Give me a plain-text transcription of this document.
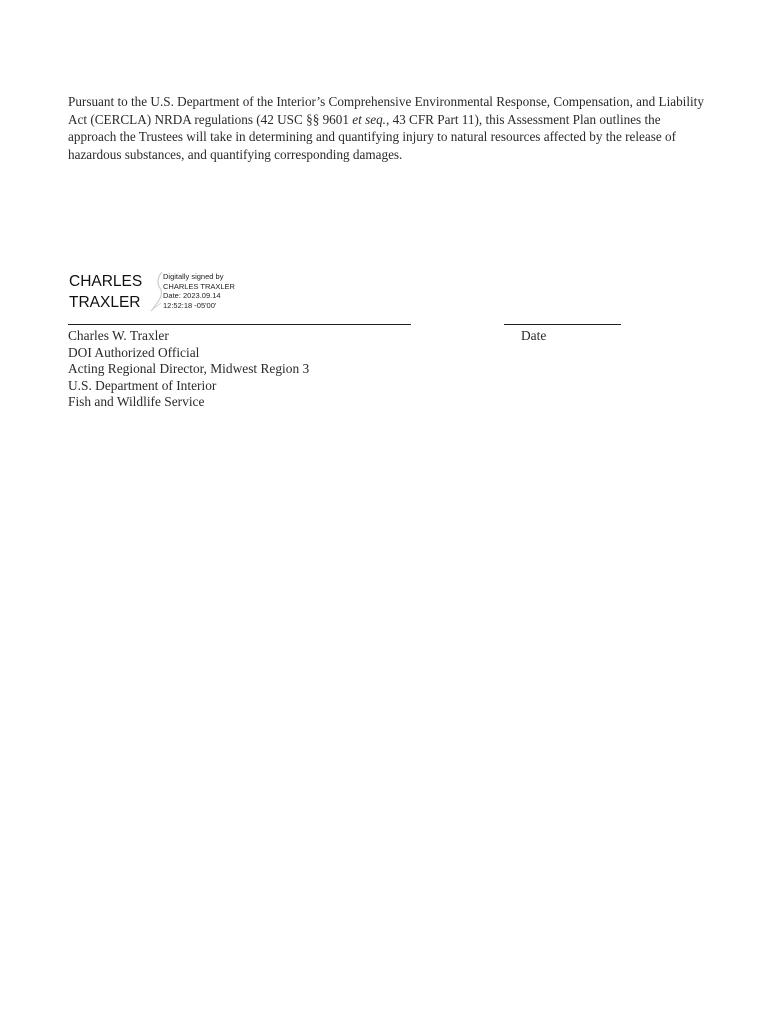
Pursuant to the U.S. Department of the Interior’s Comprehensive Environmental Response, Compensation, and Liability Act (CERCLA) NRDA regulations (42 USC §§ 9601 et seq., 43 CFR Part 11), this Assessment Plan outlines the approach the Trustees will take in determining and quantifying injury to natural resources affected by the release of hazardous substances, and quantifying corresponding damages.

CHARLES
TRAXLER
Digitally signed by
CHARLES TRAXLER
Date: 2023.09.14
12:52:18 -05'00'
Charles W. Traxler
DOI Authorized Official
Acting Regional Director, Midwest Region 3
U.S. Department of Interior
Fish and Wildlife Service
Date
